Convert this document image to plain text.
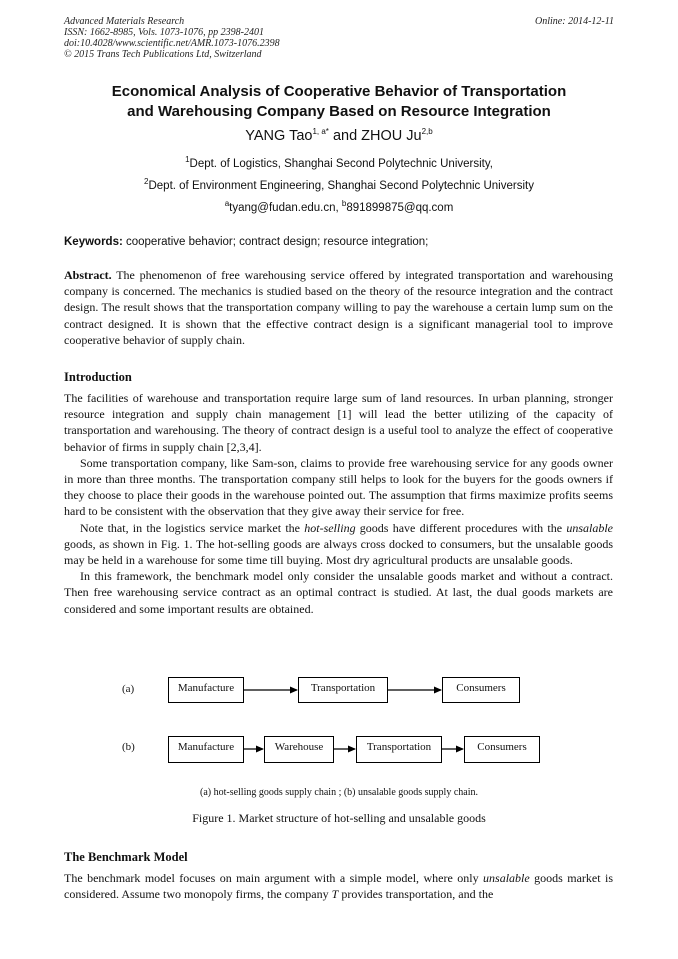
Advanced Materials Research
ISSN: 1662-8985, Vols. 1073-1076, pp 2398-2401
doi:10.4028/www.scientific.net/AMR.1073-1076.2398
© 2015 Trans Tech Publications Ltd, Switzerland
Online: 2014-12-11
Economical Analysis of Cooperative Behavior of Transportation
and Warehousing Company Based on Resource Integration
YANG Tao$^{1, a*}$ and ZHOU Ju$^{2,b}$
$^1$Dept. of Logistics, Shanghai Second Polytechnic University,
$^2$Dept. of Environment Engineering, Shanghai Second Polytechnic University
$^a$tyang@fudan.edu.cn, $^b$891899875@qq.com
Keywords: cooperative behavior; contract design; resource integration;

Abstract. The phenomenon of free warehousing service offered by integrated transportation and warehousing company is concerned. The mechanics is studied based on the theory of the resource integration and the contract design. The result shows that the transportation company willing to pay the warehouse a certain lump sum on the contract designed. It is shown that the effective contract design is a significant managerial tool to improve cooperative behavior of supply chain.

Introduction

The facilities of warehouse and transportation require large sum of land resources. In urban planning, stronger resource integration and supply chain management [1] will lead the better utilizing of the capacity of transportation and warehousing. The theory of contract design is a useful tool to analyze the effect of cooperative behavior of firms in supply chain [2,3,4].

Some transportation company, like Sam-son, claims to provide free warehousing service for any goods owner in more than three months. The transportation company still helps to look for the buyers for the goods owners if they choose to place their goods in the warehouse pointed out. The assumption that firms maximize profits seems hard to be consistent with the observation that they give away their service for free.

Note that, in the logistics service market the hot-selling goods have different procedures with the unsalable goods, as shown in Fig. 1. The hot-selling goods are always cross docked to consumers, but the unsalable goods may be held in a warehouse for some time till buying. Most dry agricultural products are unsalable goods.

In this framework, the benchmark model only consider the unsalable goods market and without a contract. Then free warehousing service contract as an optimal contract is studied. At last, the dual goods markets are considered and some important results are obtained.

(a)
(b)
Manufacture	Transportation	Consumers
Manufacture	Warehouse	Transportation	Consumers
(a) hot-selling goods supply chain ; (b) unsalable goods supply chain.
Figure 1. Market structure of hot-selling and unsalable goods
The Benchmark Model

The benchmark model focuses on main argument with a simple model, where only unsalable goods market is considered. Assume two monopoly firms, the company T provides transportation, and the
